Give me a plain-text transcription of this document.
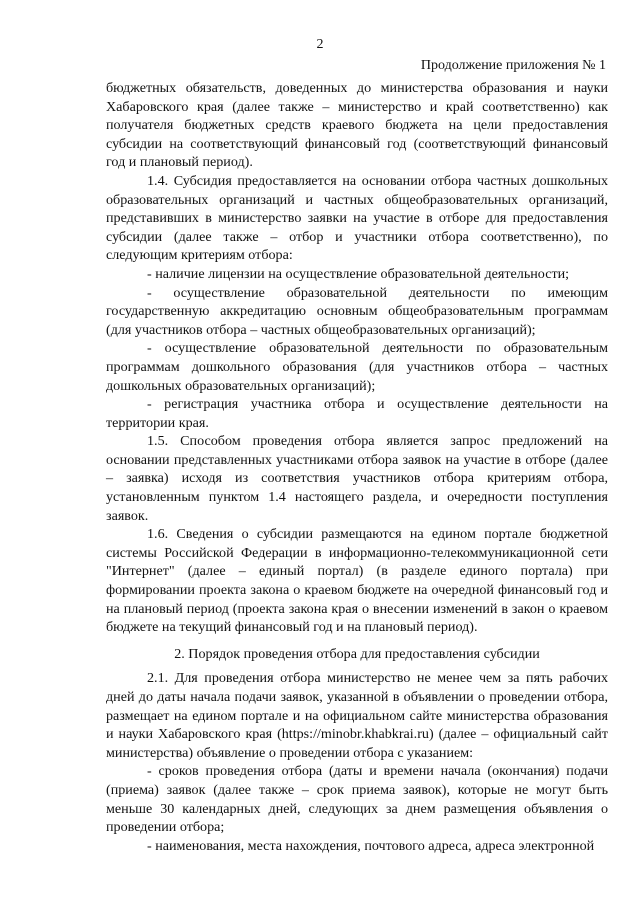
2
Продолжение приложения № 1

бюджетных обязательств, доведенных до министерства образования и науки Хабаровского края (далее также – министерство и край соответственно) как получателя бюджетных средств краевого бюджета на цели предоставления субсидии на соответствующий финансовый год (соответствующий финансовый год и плановый период).

1.4. Субсидия предоставляется на основании отбора частных дошкольных образовательных организаций и частных общеобразовательных организаций, представивших в министерство заявки на участие в отборе для предоставления субсидии (далее также – отбор и участники отбора соответственно), по следующим критериям отбора:

- наличие лицензии на осуществление образовательной деятельности;

- осуществление образовательной деятельности по имеющим государственную аккредитацию основным общеобразовательным программам (для участников отбора – частных общеобразовательных организаций);

- осуществление образовательной деятельности по образовательным программам дошкольного образования (для участников отбора – частных дошкольных образовательных организаций);

- регистрация участника отбора и осуществление деятельности на территории края.

1.5. Способом проведения отбора является запрос предложений на основании представленных участниками отбора заявок на участие в отборе (далее – заявка) исходя из соответствия участников отбора критериям отбора, установленным пунктом 1.4 настоящего раздела, и очередности поступления заявок.

1.6. Сведения о субсидии размещаются на едином портале бюджетной системы Российской Федерации в информационно-телекоммуникационной сети "Интернет" (далее – единый портал) (в разделе единого портала) при формировании проекта закона о краевом бюджете на очередной финансовый год и на плановый период (проекта закона края о внесении изменений в закон о краевом бюджете на текущий финансовый год и на плановый период).

2. Порядок проведения отбора для предоставления субсидии

2.1. Для проведения отбора министерство не менее чем за пять рабочих дней до даты начала подачи заявок, указанной в объявлении о проведении отбора, размещает на едином портале и на официальном сайте министерства образования и науки Хабаровского края (https://minobr.khabkrai.ru) (далее – официальный сайт министерства) объявление о проведении отбора с указанием:

- сроков проведения отбора (даты и времени начала (окончания) подачи (приема) заявок (далее также – срок приема заявок), которые не могут быть меньше 30 календарных дней, следующих за днем размещения объявления о проведении отбора;

- наименования, места нахождения, почтового адреса, адреса электронной
